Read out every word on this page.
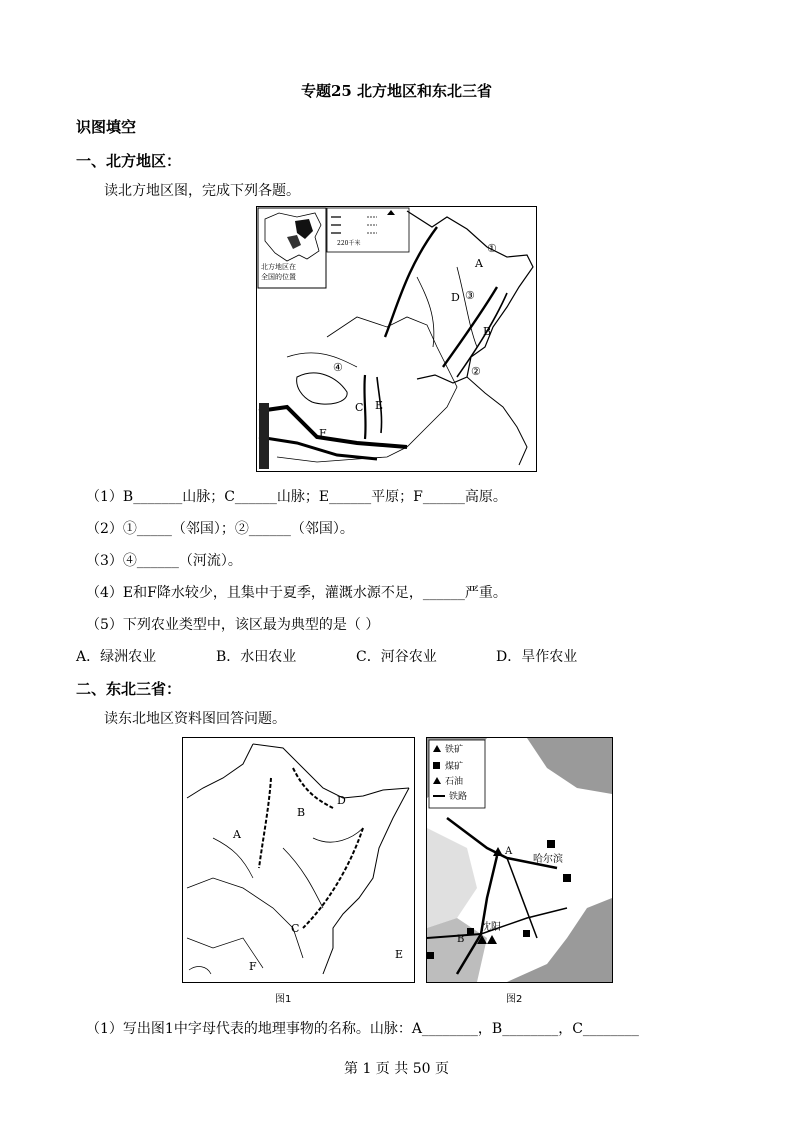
专题25 北方地区和东北三省
识图填空
一、北方地区：
读北方地区图，完成下列各题。
北方地区在
全国的位置
220千米	①
A
D ③
B
②
④
C E
F
（1）B_______山脉；C______山脉；E______平原；F______高原。
（2）①_____（邻国）；②______（邻国）。
（3）④______（河流）。
（4）E和F降水较少，且集中于夏季，灌溉水源不足，______严重。
（5）下列农业类型中，该区最为典型的是（ ）
A．绿洲农业	B．水田农业	C．河谷农业	D．旱作农业
二、东北三省：
读东北地区资料图回答问题。
A
B
C
D
E
F
图1
铁矿
煤矿
石油
铁路
A
B
哈尔滨
沈阳
图2
（1）写出图1中字母代表的地理事物的名称。山脉：A________，B________，C________
第 1 页 共 50 页
